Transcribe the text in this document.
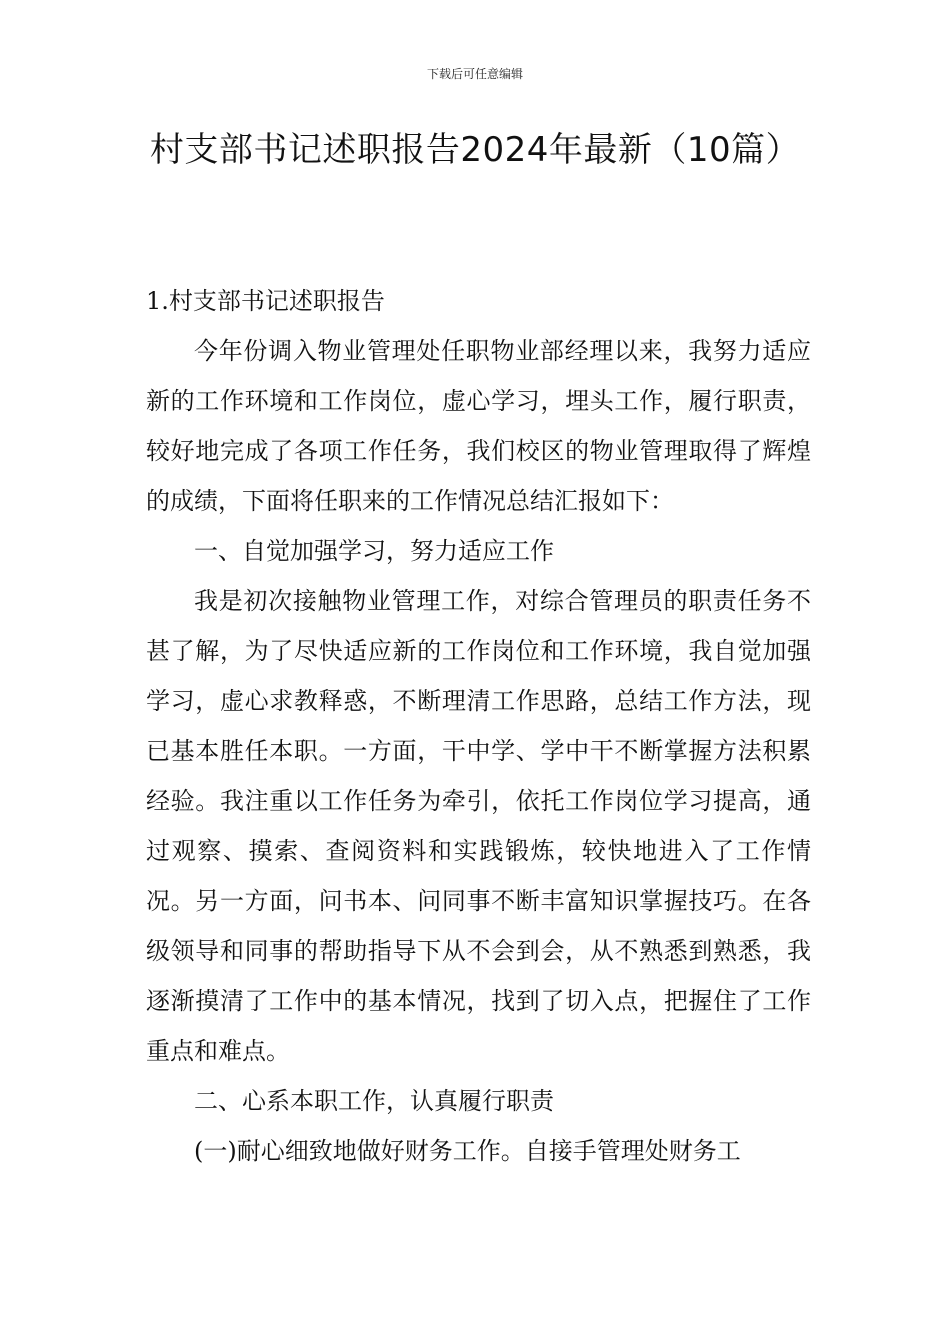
下载后可任意编辑
村支部书记述职报告2024年最新（10篇）

1.村支部书记述职报告

今年份调入物业管理处任职物业部经理以来，我努力适应新的工作环境和工作岗位，虚心学习，埋头工作，履行职责，较好地完成了各项工作任务，我们校区的物业管理取得了辉煌的成绩，下面将任职来的工作情况总结汇报如下：

一、自觉加强学习，努力适应工作

我是初次接触物业管理工作，对综合管理员的职责任务不甚了解，为了尽快适应新的工作岗位和工作环境，我自觉加强学习，虚心求教释惑，不断理清工作思路，总结工作方法，现已基本胜任本职。一方面，干中学、学中干不断掌握方法积累经验。我注重以工作任务为牵引，依托工作岗位学习提高，通过观察、摸索、查阅资料和实践锻炼，较快地进入了工作情况。另一方面，问书本、问同事不断丰富知识掌握技巧。在各级领导和同事的帮助指导下从不会到会，从不熟悉到熟悉，我逐渐摸清了工作中的基本情况，找到了切入点，把握住了工作重点和难点。

二、心系本职工作，认真履行职责

(一)耐心细致地做好财务工作。自接手管理处财务工
